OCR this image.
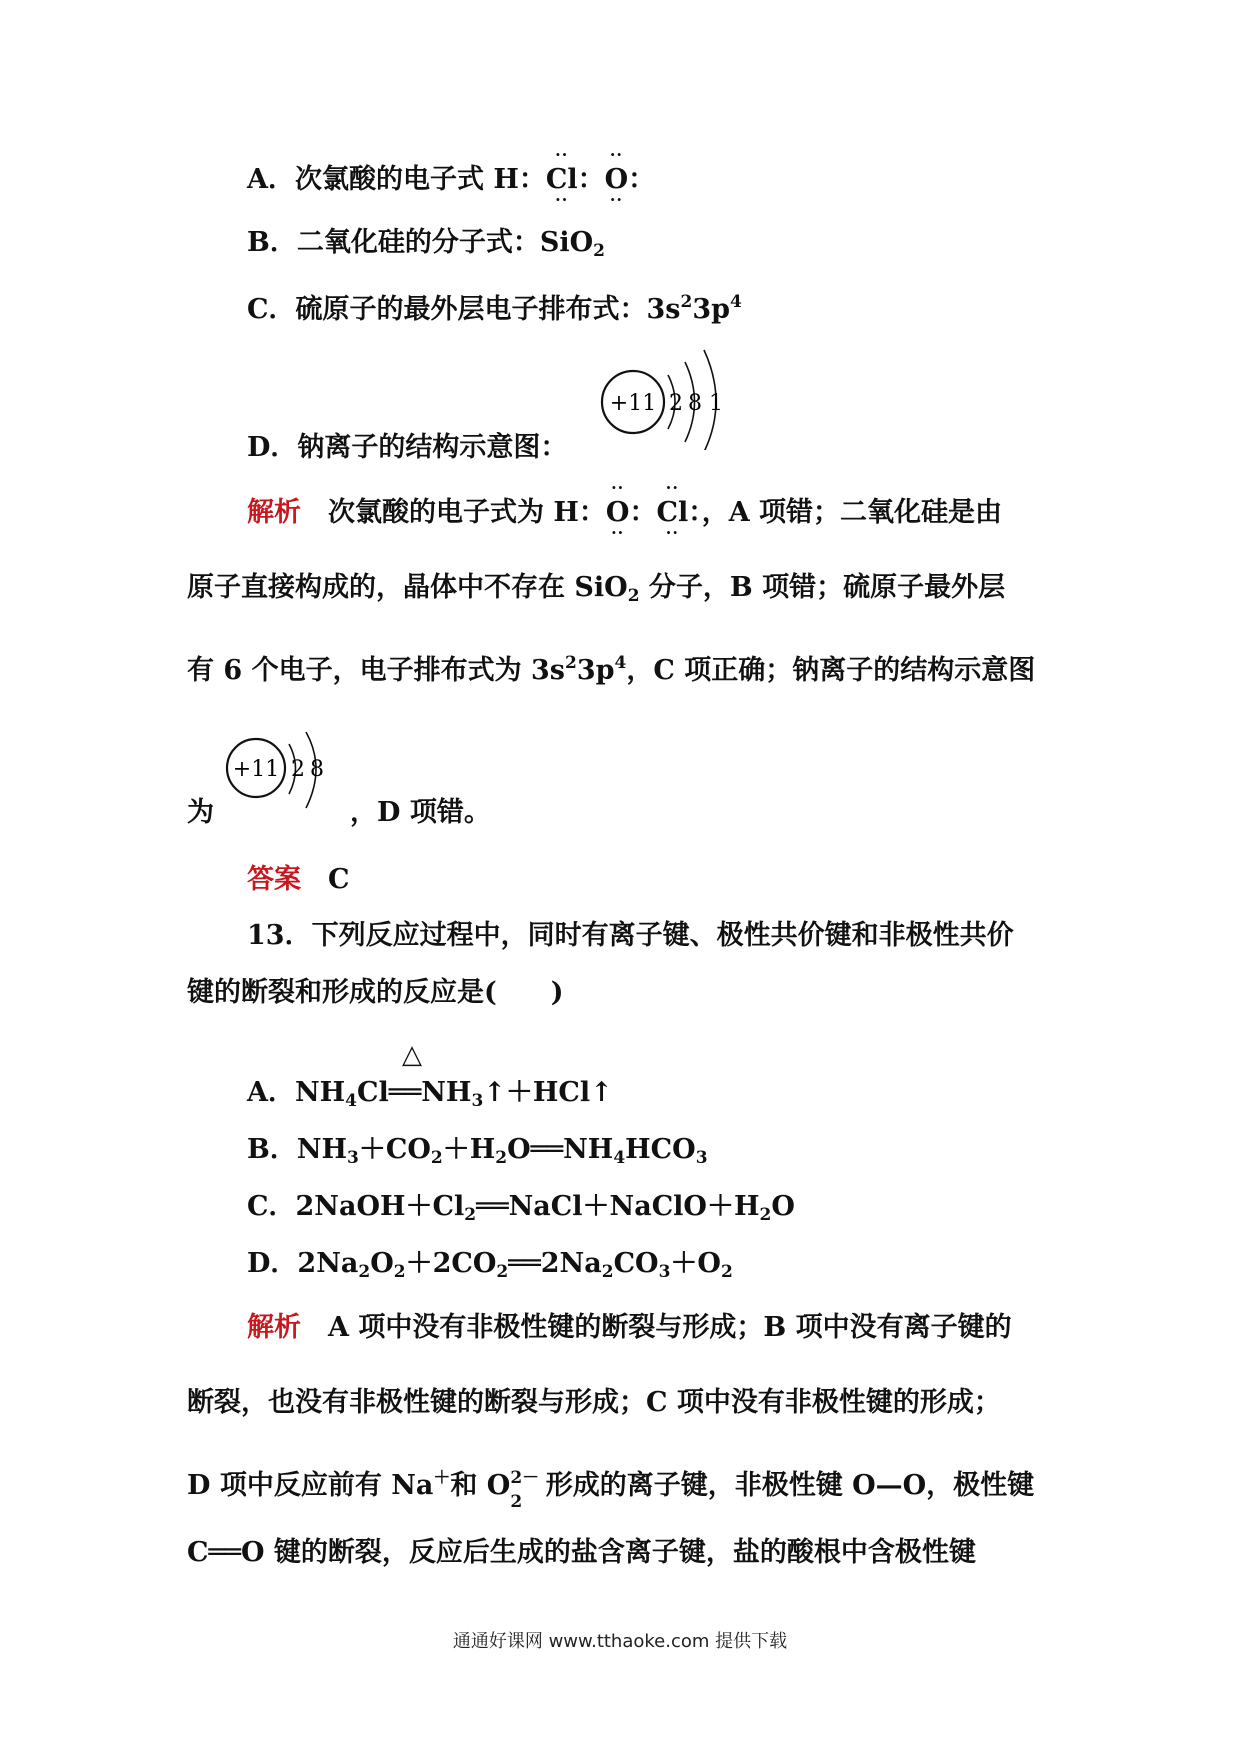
A．次氯酸的电子式 H：·· Cl ··：·· O ··：
B．二氧化硅的分子式：SiO$_2$
C．硫原子的最外层电子排布式：$3s^23p^4$
D．钠离子的结构示意图：
+11 2 8 1
解析　 次氯酸的电子式为 H：·· O ··：·· Cl ··：，A 项错；二氧化硅是由
原子直接构成的，晶体中不存在 SiO$_2$ 分子，B 项错；硫原子最外层
有 6 个电子，电子排布式为 $3s^23p^4$，C 项正确；钠离子的结构示意图
为
+11 2 8
，D 项错。
答案　 C
13．下列反应过程中，同时有离子键、极性共价键和非极性共价
键的断裂和形成的反应是(　　)
△
A．$NH_4Cl══NH_3↑+HCl↑$
B．$NH_3+CO_2+H_2O══NH_4HCO_3$
C．$2NaOH+Cl_2══NaCl+NaClO+H_2O$
D．$2Na_2O_2+2CO_2══2Na_2CO_3+O_2$
解析　 A 项中没有非极性键的断裂与形成；B 项中没有离子键的
断裂，也没有非极性键的断裂与形成；C 项中没有非极性键的形成；
D 项中反应前有 Na＋和 O 2－
2
形成的离子键，非极性键 O—O，极性键
C══O 键的断裂，反应后生成的盐含离子键，盐的酸根中含极性键
通通好课网 www.tthaoke.com 提供下载
